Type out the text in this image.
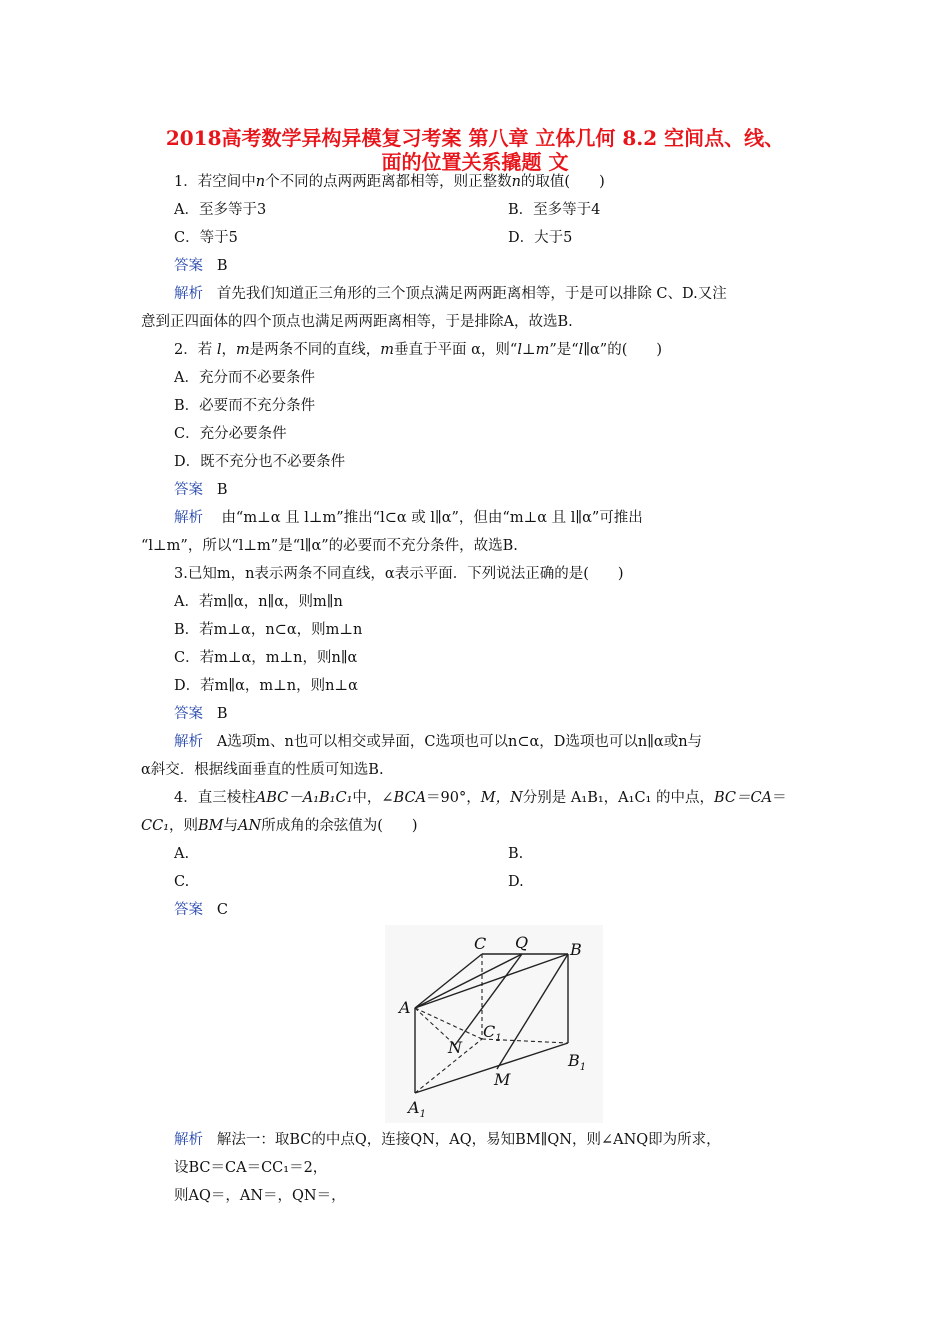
2018高考数学异构异模复习考案 第八章 立体几何 8.2 空间点、线、
面的位置关系撬题 文
1．若空间中n个不同的点两两距离都相等，则正整数n的取值(　　)
A．至多等于3	B．至多等于4
C．等于5	D．大于5
答案 B
解析 首先我们知道正三角形的三个顶点满足两两距离相等，于是可以排除 C、D.又注
意到正四面体的四个顶点也满足两两距离相等，于是排除A，故选B.
2．若 l，m是两条不同的直线，m垂直于平面 α，则“l⊥m”是“l∥α”的(　　)
A．充分而不必要条件
B．必要而不充分条件
C．充分必要条件
D．既不充分也不必要条件
答案 B
解析 由“m⊥α 且 l⊥m”推出“l⊂α 或 l∥α”，但由“m⊥α 且 l∥α”可推出
“l⊥m”，所以“l⊥m”是“l∥α”的必要而不充分条件，故选B.
3.已知m，n表示两条不同直线，α表示平面．下列说法正确的是(　　)
A．若m∥α，n∥α，则m∥n
B．若m⊥α，n⊂α，则m⊥n
C．若m⊥α，m⊥n，则n∥α
D．若m∥α，m⊥n，则n⊥α
答案 B
解析 A选项m、n也可以相交或异面，C选项也可以n⊂α，D选项也可以n∥α或n与
α斜交．根据线面垂直的性质可知选B.
4．直三棱柱ABC－A₁B₁C₁中，∠BCA＝90°，M，N分别是 A₁B₁，A₁C₁ 的中点，BC＝CA＝
CC₁，则BM与AN所成角的余弦值为(　　)
A.	B.
C.	D.
答案 C
C Q	B
A
$C_1$
N
$B_1$
M
$A_1$
解析 解法一：取BC的中点Q，连接QN，AQ，易知BM∥QN，则∠ANQ即为所求，
设BC＝CA＝CC₁＝2，
则AQ＝，AN＝，QN＝，
